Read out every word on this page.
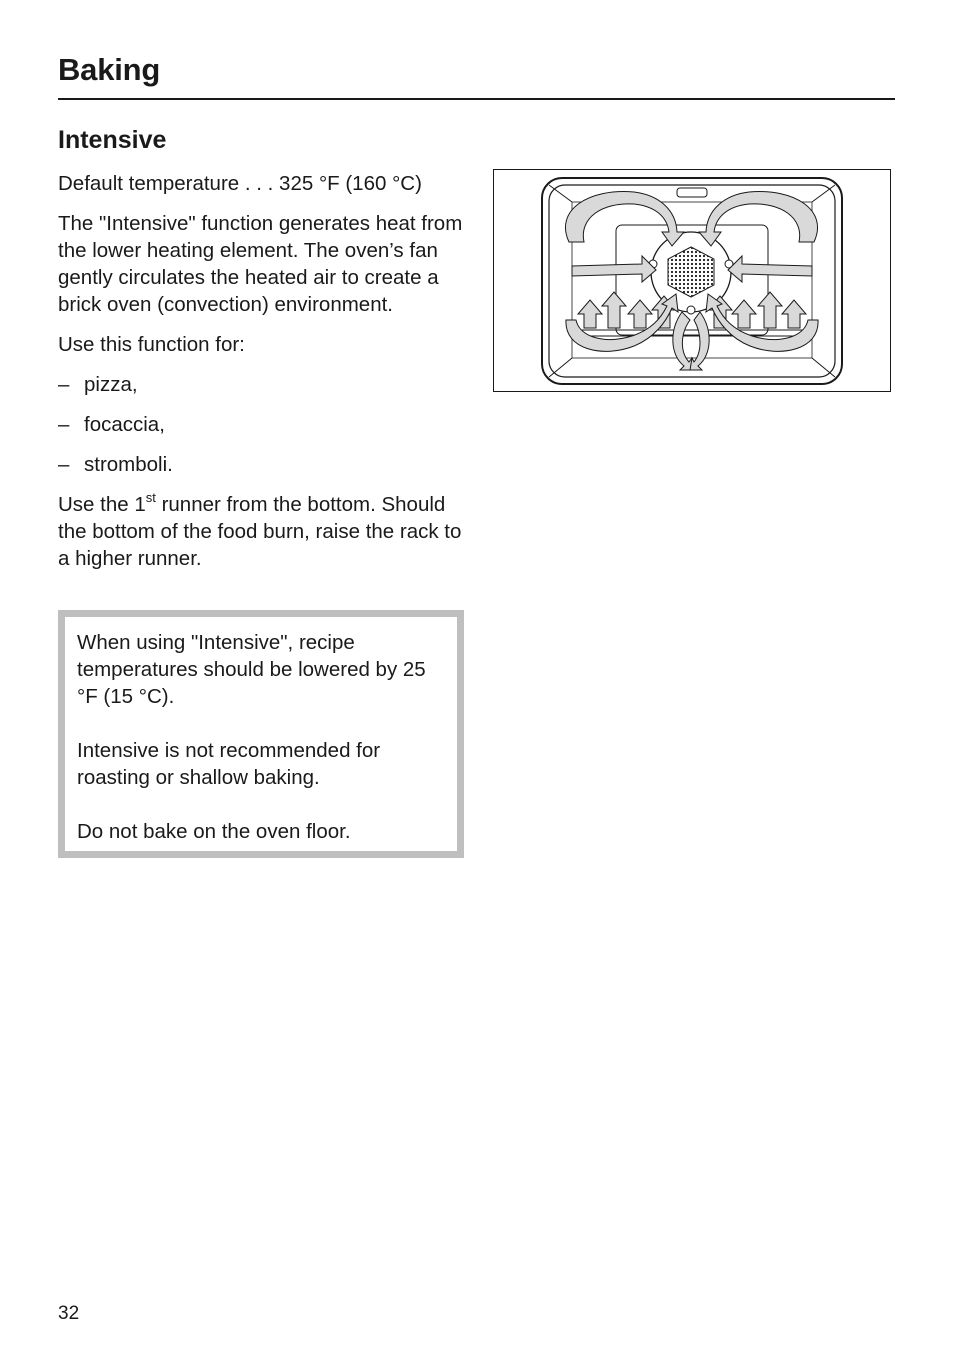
Baking
Intensive

Default temperature . . . 325 °F (160 °C)

The "Intensive" function generates heat from the lower heating element. The oven’s fan gently circulates the heated air to create a brick oven (convection) environment.

Use this function for:

– pizza,
– focaccia,
– stromboli.

Use the 1st runner from the bottom. Should the bottom of the food burn, raise the rack to a higher runner.

When using "Intensive", recipe temperatures should be lowered by 25 °F (15 °C).

Intensive is not recommended for roasting or shallow baking.

Do not bake on the oven floor.

32
